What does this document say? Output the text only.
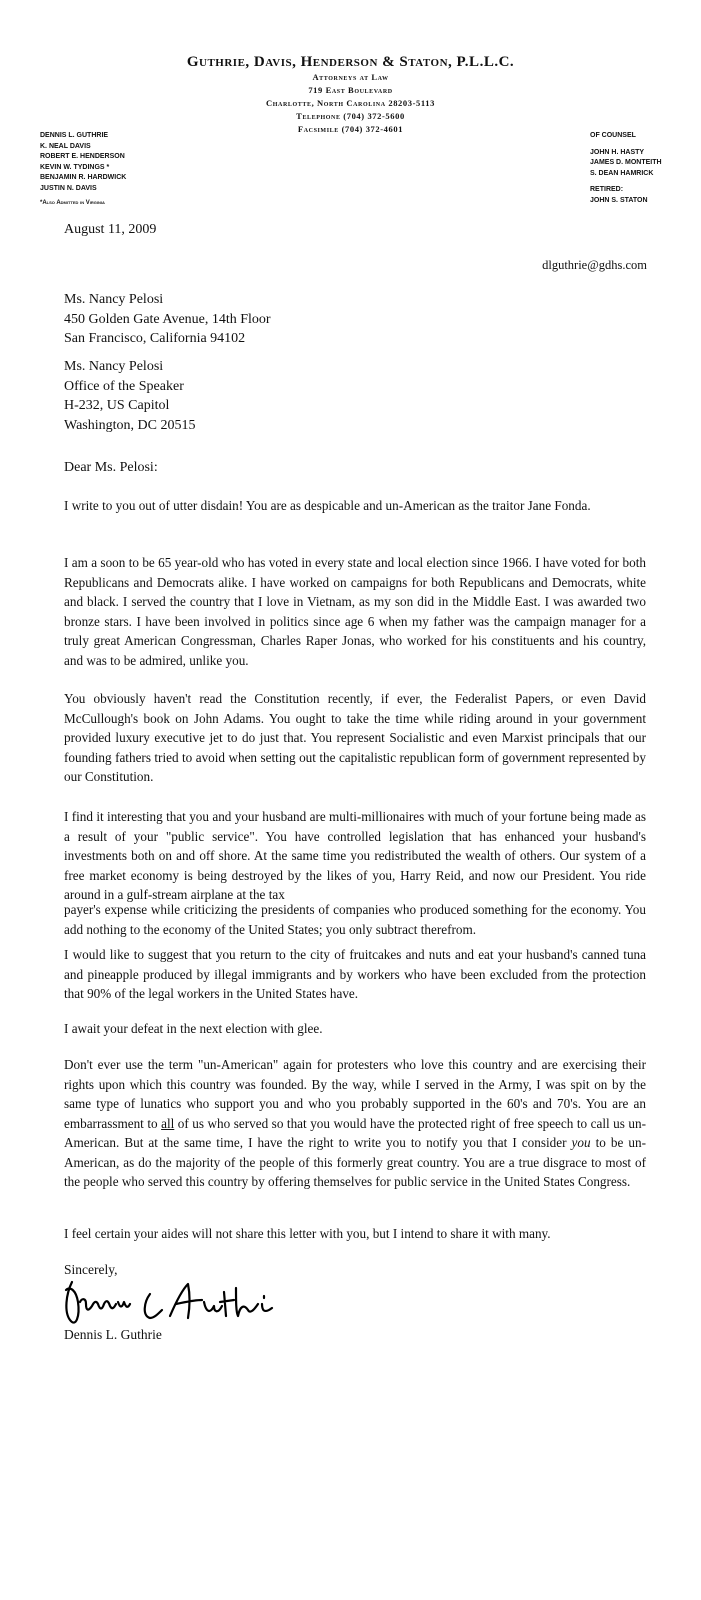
Guthrie, Davis, Henderson & Staton, P.L.L.C.
Attorneys at Law
719 East Boulevard
Charlotte, North Carolina 28203-5113
Telephone (704) 372-5600
Facsimile (704) 372-4601
DENNIS L. GUTHRIE
K. NEAL DAVIS
ROBERT E. HENDERSON
KEVIN W. TYDINGS *
BENJAMIN R. HARDWICK
JUSTIN N. DAVIS
*Also Admitted in Virginia
OF COUNSEL
JOHN H. HASTY
JAMES D. MONTEITH
S. DEAN HAMRICK
RETIRED:
JOHN S. STATON
August 11, 2009
dlguthrie@gdhs.com
Ms. Nancy Pelosi
450 Golden Gate Avenue, 14th Floor
San Francisco, California 94102
Ms. Nancy Pelosi
Office of the Speaker
H-232, US Capitol
Washington, DC 20515
Dear Ms. Pelosi:
I write to you out of utter disdain! You are as despicable and un-American as the traitor Jane Fonda.
I am a soon to be 65 year-old who has voted in every state and local election since 1966. I have voted for both Republicans and Democrats alike. I have worked on campaigns for both Republicans and Democrats, white and black. I served the country that I love in Vietnam, as my son did in the Middle East. I was awarded two bronze stars. I have been involved in politics since age 6 when my father was the campaign manager for a truly great American Congressman, Charles Raper Jonas, who worked for his constituents and his country, and was to be admired, unlike you.
You obviously haven't read the Constitution recently, if ever, the Federalist Papers, or even David McCullough's book on John Adams. You ought to take the time while riding around in your government provided luxury executive jet to do just that. You represent Socialistic and even Marxist principals that our founding fathers tried to avoid when setting out the capitalistic republican form of government represented by our Constitution.
I find it interesting that you and your husband are multi-millionaires with much of your fortune being made as a result of your "public service". You have controlled legislation that has enhanced your husband's investments both on and off shore. At the same time you redistributed the wealth of others. Our system of a free market economy is being destroyed by the likes of you, Harry Reid, and now our President. You ride around in a gulf-stream airplane at the tax
payer's expense while criticizing the presidents of companies who produced something for the economy. You add nothing to the economy of the United States; you only subtract therefrom.
I would like to suggest that you return to the city of fruitcakes and nuts and eat your husband's canned tuna and pineapple produced by illegal immigrants and by workers who have been excluded from the protection that 90% of the legal workers in the United States have.
I await your defeat in the next election with glee.
Don't ever use the term "un-American" again for protesters who love this country and are exercising their rights upon which this country was founded. By the way, while I served in the Army, I was spit on by the same type of lunatics who support you and who you probably supported in the 60's and 70's. You are an embarrassment to all of us who served so that you would have the protected right of free speech to call us un-American. But at the same time, I have the right to write you to notify you that I consider you to be un-American, as do the majority of the people of this formerly great country. You are a true disgrace to most of the people who served this country by offering themselves for public service in the United States Congress.
I feel certain your aides will not share this letter with you, but I intend to share it with many.
Sincerely,
Dennis L. Guthrie
